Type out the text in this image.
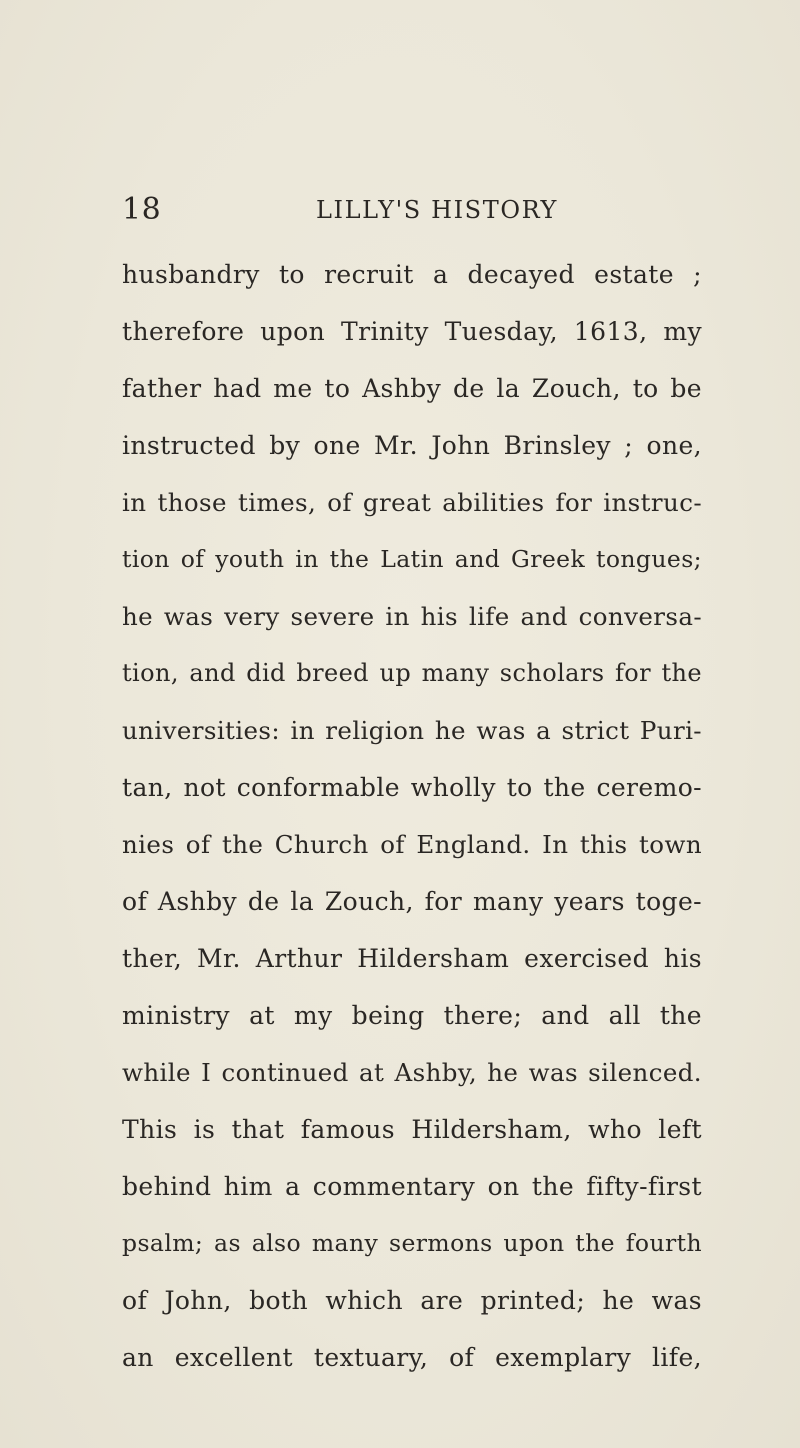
18	LILLY'S HISTORY
husbandry to recruit a decayed estate ;
therefore upon Trinity Tuesday, 1613, my
father had me to Ashby de la Zouch, to be
instructed by one Mr. John Brinsley ; one,
in those times, of great abilities for instruc-
tion of youth in the Latin and Greek tongues;
he was very severe in his life and conversa-
tion, and did breed up many scholars for the
universities: in religion he was a strict Puri-
tan, not conformable wholly to the ceremo-
nies of the Church of England. In this town
of Ashby de la Zouch, for many years toge-
ther, Mr. Arthur Hildersham exercised his
ministry at my being there; and all the
while I continued at Ashby, he was silenced.
This is that famous Hildersham, who left
behind him a commentary on the fifty-first
psalm; as also many sermons upon the fourth
of John, both which are printed; he was
an excellent textuary, of exemplary life,
